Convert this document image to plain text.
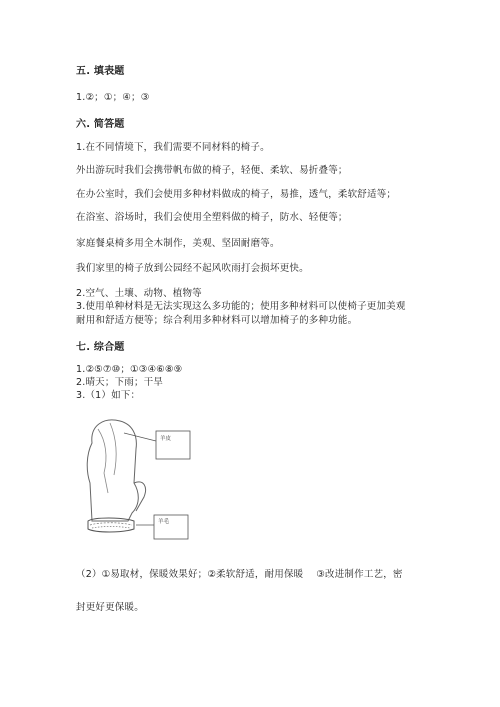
五. 填表题
1.②；①；④；③
六. 简答题
1.在不同情境下，我们需要不同材料的椅子。
外出游玩时我们会携带帆布做的椅子，轻便、柔软、易折叠等；
在办公室时，我们会使用多种材料做成的椅子，易推，透气，柔软舒适等；
在浴室、浴场时，我们会使用全塑料做的椅子，防水、轻便等；
家庭餐桌椅多用全木制作，美观、坚固耐磨等。
我们家里的椅子放到公园经不起风吹雨打会损坏更快。
2.空气、土壤、动物、植物等
3.使用单种材料是无法实现这么多功能的；使用多种材料可以使椅子更加美观
耐用和舒适方便等；综合利用多种材料可以增加椅子的多种功能。
七. 综合题
1.②⑤⑦⑩；①③④⑥⑧⑨
2.晴天；下雨；干旱
3.（1）如下：
羊皮
羊毛
（2）①易取材，保暖效果好；②柔软舒适，耐用保暖　 ③改进制作工艺，密
封更好更保暖。
